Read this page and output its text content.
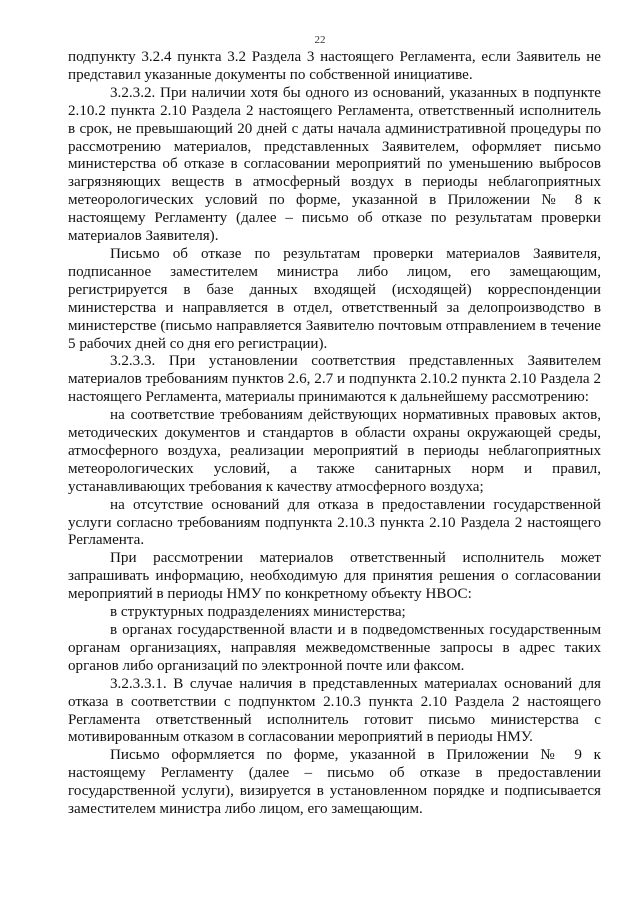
22

подпункту 3.2.4 пункта 3.2 Раздела 3 настоящего Регламента, если Заявитель не представил указанные документы по собственной инициативе.

3.2.3.2. При наличии хотя бы одного из оснований, указанных в подпункте 2.10.2 пункта 2.10 Раздела 2 настоящего Регламента, ответственный исполнитель в срок, не превышающий 20 дней с даты начала административной процедуры по рассмотрению материалов, представленных Заявителем, оформляет письмо министерства об отказе в согласовании мероприятий по уменьшению выбросов загрязняющих веществ в атмосферный воздух в периоды неблагоприятных метеорологических условий по форме, указанной в Приложении № 8 к настоящему Регламенту (далее – письмо об отказе по результатам проверки материалов Заявителя).

Письмо об отказе по результатам проверки материалов Заявителя, подписанное заместителем министра либо лицом, его замещающим, регистрируется в базе данных входящей (исходящей) корреспонденции министерства и направляется в отдел, ответственный за делопроизводство в министерстве (письмо направляется Заявителю почтовым отправлением в течение 5 рабочих дней со дня его регистрации).

3.2.3.3. При установлении соответствия представленных Заявителем материалов требованиям пунктов 2.6, 2.7 и подпункта 2.10.2 пункта 2.10 Раздела 2 настоящего Регламента, материалы принимаются к дальнейшему рассмотрению:

на соответствие требованиям действующих нормативных правовых актов, методических документов и стандартов в области охраны окружающей среды, атмосферного воздуха, реализации мероприятий в периоды неблагоприятных метеорологических условий, а также санитарных норм и правил, устанавливающих требования к качеству атмосферного воздуха;

на отсутствие оснований для отказа в предоставлении государственной услуги согласно требованиям подпункта 2.10.3 пункта 2.10 Раздела 2 настоящего Регламента.

При рассмотрении материалов ответственный исполнитель может запрашивать информацию, необходимую для принятия решения о согласовании мероприятий в периоды НМУ по конкретному объекту НВОС:

в структурных подразделениях министерства;

в органах государственной власти и в подведомственных государственным органам организациях, направляя межведомственные запросы в адрес таких органов либо организаций по электронной почте или факсом.

3.2.3.3.1. В случае наличия в представленных материалах оснований для отказа в соответствии с подпунктом 2.10.3 пункта 2.10 Раздела 2 настоящего Регламента ответственный исполнитель готовит письмо министерства с мотивированным отказом в согласовании мероприятий в периоды НМУ.

Письмо оформляется по форме, указанной в Приложении № 9 к настоящему Регламенту (далее – письмо об отказе в предоставлении государственной услуги), визируется в установленном порядке и подписывается заместителем министра либо лицом, его замещающим.
